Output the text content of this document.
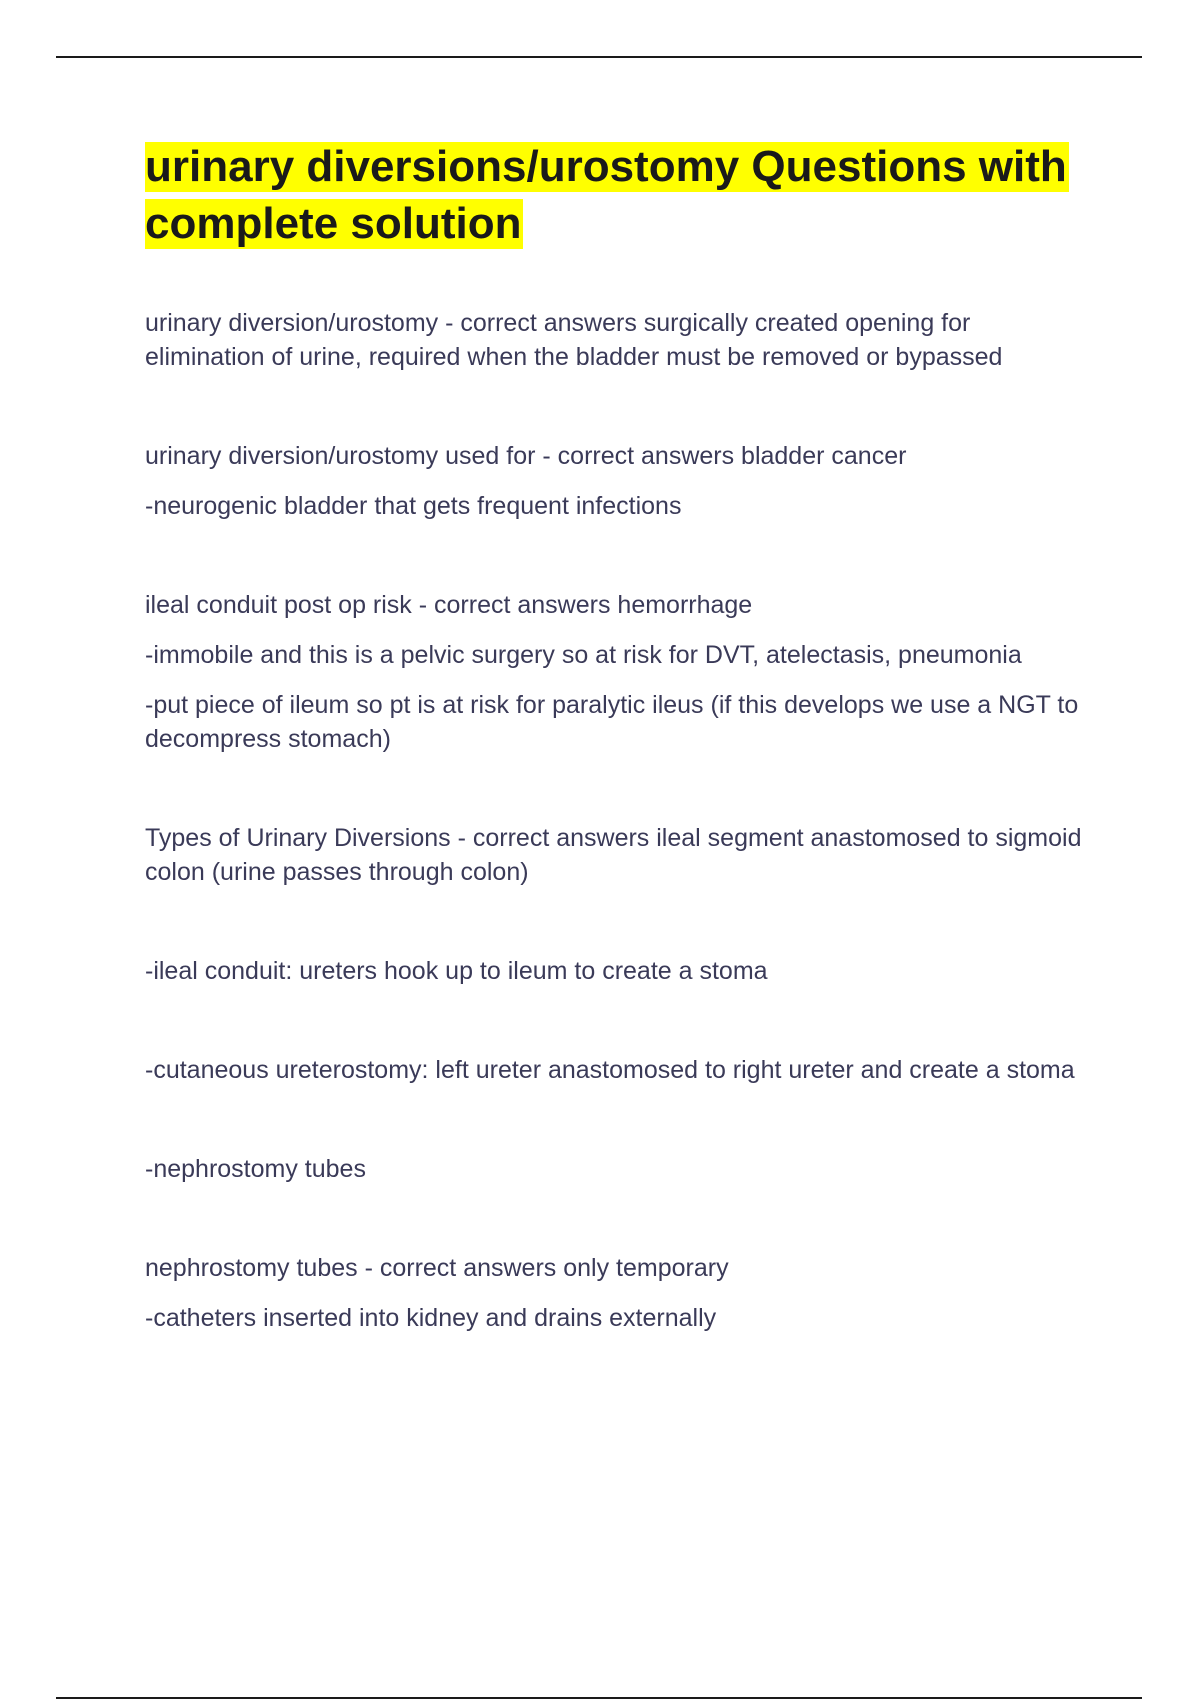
urinary diversions/urostomy Questions with complete solution

urinary diversion/urostomy - correct answers surgically created opening for elimination of urine, required when the bladder must be removed or bypassed

urinary diversion/urostomy used for - correct answers bladder cancer

-neurogenic bladder that gets frequent infections

ileal conduit post op risk - correct answers hemorrhage

-immobile and this is a pelvic surgery so at risk for DVT, atelectasis, pneumonia

-put piece of ileum so pt is at risk for paralytic ileus (if this develops we use a NGT to decompress stomach)

Types of Urinary Diversions - correct answers ileal segment anastomosed to sigmoid colon (urine passes through colon)

-ileal conduit: ureters hook up to ileum to create a stoma

-cutaneous ureterostomy: left ureter anastomosed to right ureter and create a stoma

-nephrostomy tubes

nephrostomy tubes - correct answers only temporary

-catheters inserted into kidney and drains externally
